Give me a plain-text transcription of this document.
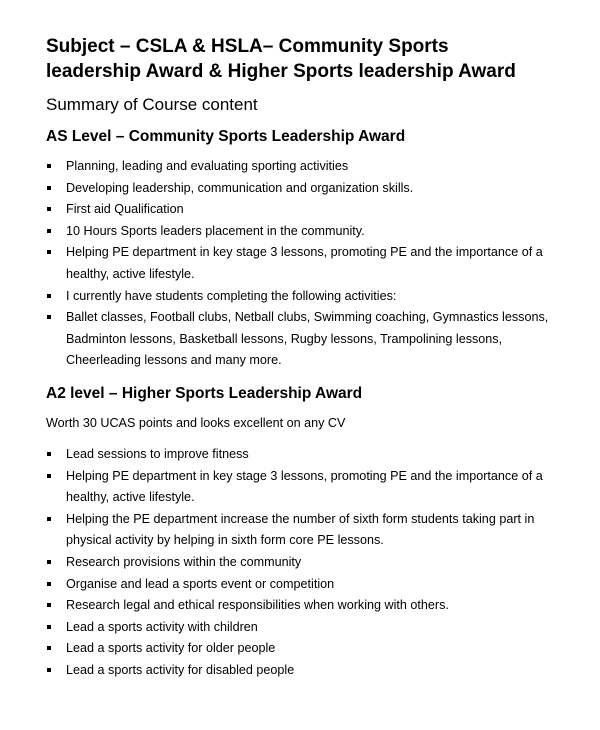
Subject – CSLA & HSLA– Community Sports
leadership Award & Higher Sports leadership Award

Summary of Course content

AS Level – Community Sports Leadership Award
Planning, leading and evaluating sporting activities
Developing leadership, communication and organization skills.
First aid Qualification
10 Hours Sports leaders placement in the community.
Helping PE department in key stage 3 lessons, promoting PE and the importance of a healthy, active lifestyle.
I currently have students completing the following activities:
Ballet classes, Football clubs, Netball clubs, Swimming coaching, Gymnastics lessons, Badminton lessons, Basketball lessons, Rugby lessons, Trampolining lessons, Cheerleading lessons and many more.
A2 level – Higher Sports Leadership Award

Worth 30 UCAS points and looks excellent on any CV

Lead sessions to improve fitness
Helping PE department in key stage 3 lessons, promoting PE and the importance of a healthy, active lifestyle.
Helping the PE department increase the number of sixth form students taking part in physical activity by helping in sixth form core PE lessons.
Research provisions within the community
Organise and lead a sports event or competition
Research legal and ethical responsibilities when working with others.
Lead a sports activity with children
Lead a sports activity for older people
Lead a sports activity for disabled people
